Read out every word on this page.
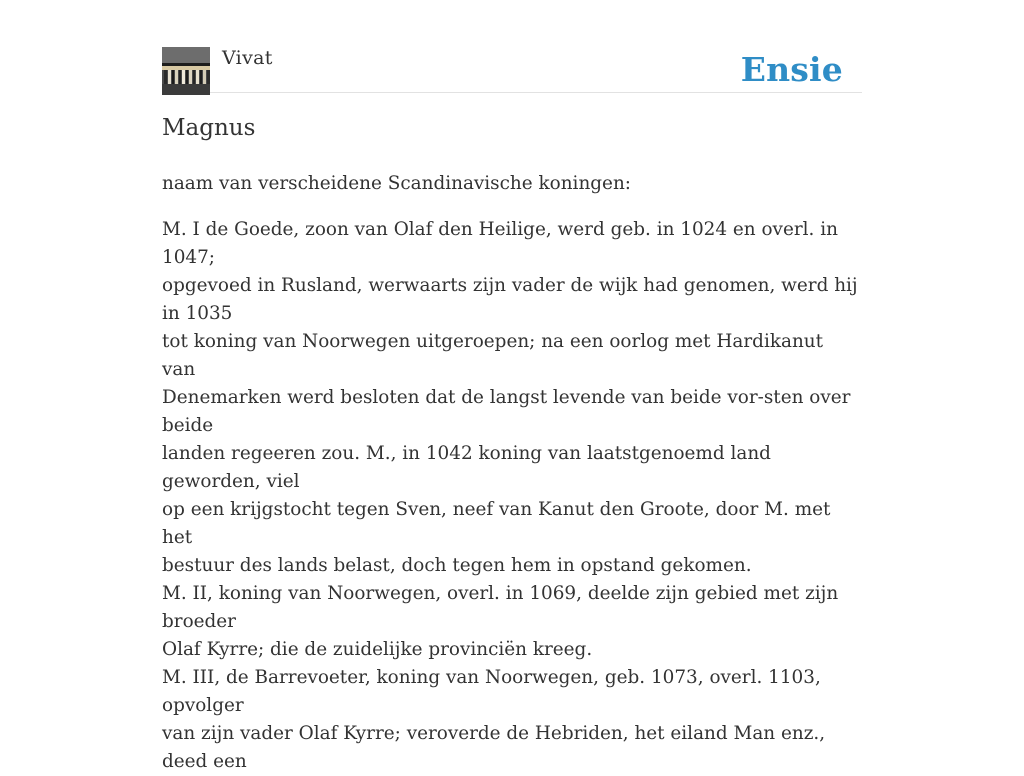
Vivat	Ensie
Magnus

naam van verscheidene Scandinavische koningen:

M. I de Goede, zoon van Olaf den Heilige, werd geb. in 1024 en overl. in 1047;

opgevoed in Rusland, werwaarts zijn vader de wijk had genomen, werd hij in 1035

tot koning van Noorwegen uitgeroepen; na een oorlog met Hardikanut van

Denemarken werd besloten dat de langst levende van beide vor-sten over beide

landen regeeren zou. M., in 1042 koning van laatstgenoemd land geworden, viel

op een krijgstocht tegen Sven, neef van Kanut den Groote, door M. met het

bestuur des lands belast, doch tegen hem in opstand gekomen.

M. II, koning van Noorwegen, overl. in 1069, deelde zijn gebied met zijn broeder

Olaf Kyrre; die de zuidelijke provinciën kreeg.

M. III, de Barrevoeter, koning van Noorwegen, geb. 1073, overl. 1103, opvolger

van zijn vader Olaf Kyrre; veroverde de Hebriden, het eiland Man enz., deed een
